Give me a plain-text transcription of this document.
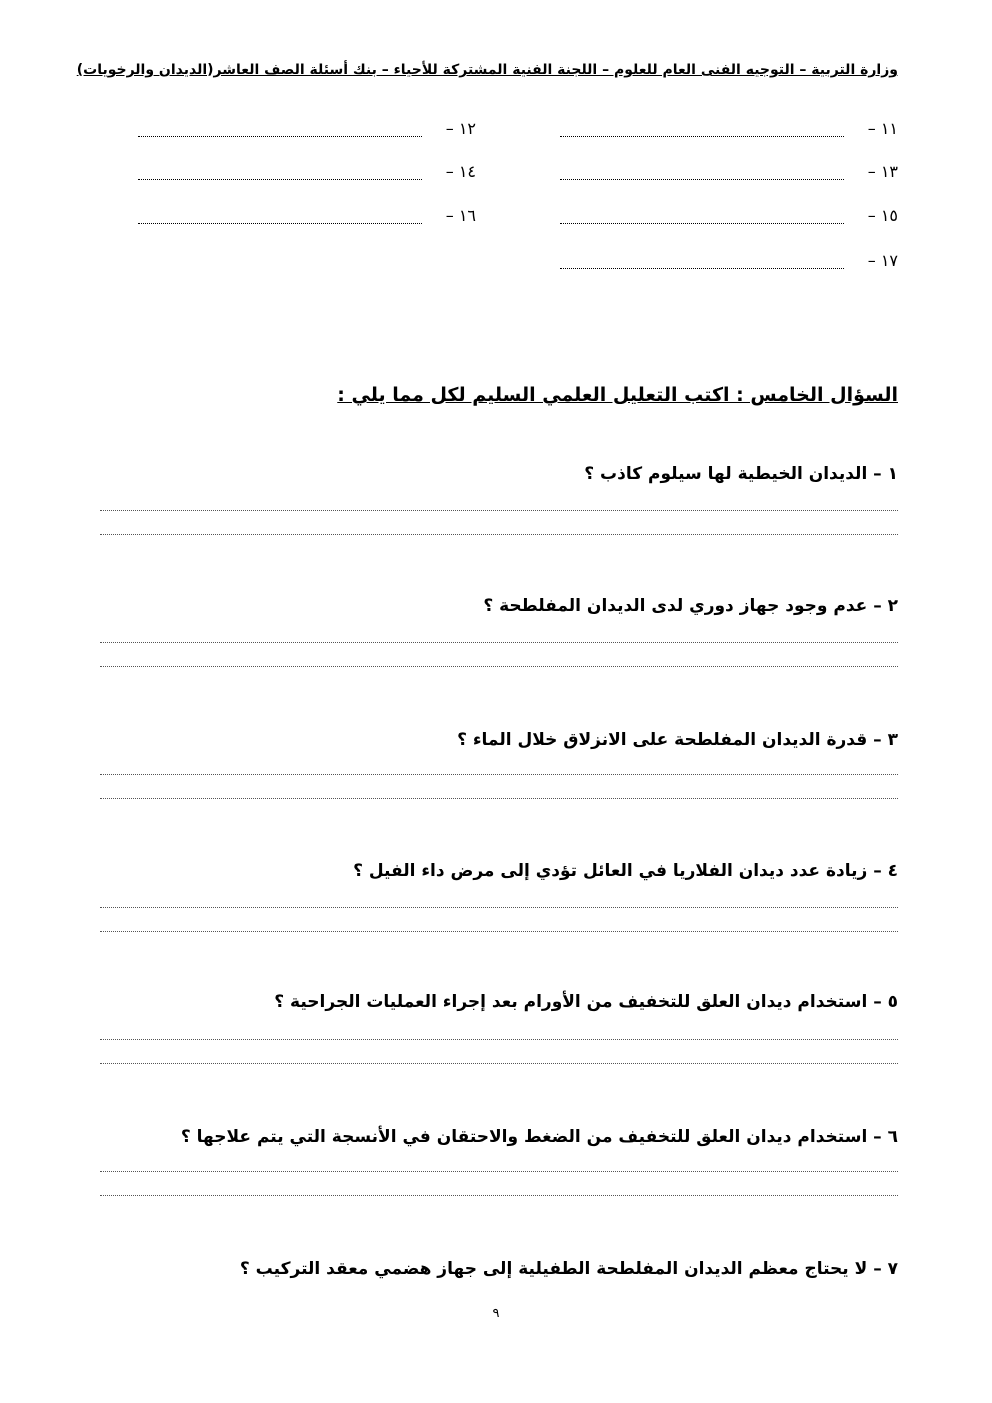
وزارة التربية – التوجيه الفنى العام للعلوم – اللجنة الفنية المشتركة للأحياء – بنك أسئلة الصف العاشر(الديدان والرخويات)
١١ –
١٢ –
١٣ –
١٤ –
١٥ –
١٦ –
١٧ –
السؤال الخامس : اكتب التعليل العلمي السليم لكل مما يلي :
١ – الديدان الخيطية لها سيلوم كاذب ؟
٢ – عدم وجود جهاز دوري لدى الديدان المفلطحة ؟
٣ – قدرة الديدان المفلطحة على الانزلاق خلال الماء ؟
٤ – زيادة عدد ديدان الفلاريا في العائل تؤدي إلى مرض داء الفيل ؟
٥ – استخدام ديدان العلق للتخفيف من الأورام بعد إجراء العمليات الجراحية ؟
٦ – استخدام ديدان العلق للتخفيف من الضغط والاحتقان في الأنسجة التي يتم علاجها ؟
٧ – لا يحتاج معظم الديدان المفلطحة الطفيلية إلى جهاز هضمي معقد التركيب ؟
٩
